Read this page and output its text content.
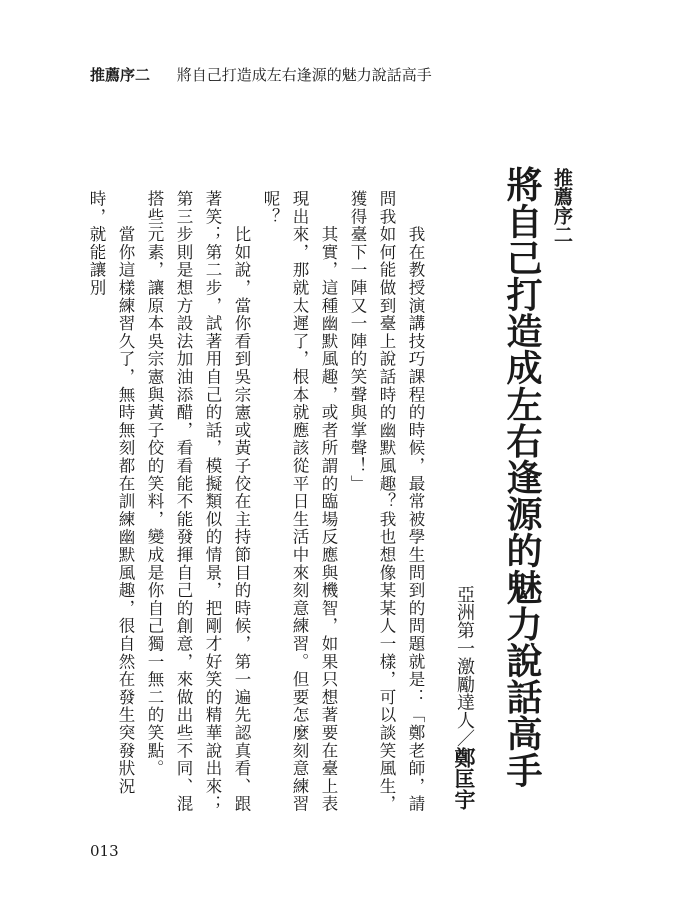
推薦序二 將自己打造成左右逢源的魅力說話高手
推薦序二
將自己打造成左右逢源的魅力說話高手
亞洲第一激勵達人／鄭匡宇

　　我在教授演講技巧課程的時候，最常被學生問到的問題就是：「鄭老師，請問我如何能做到臺上說話時的幽默風趣？我也想像某某人一樣，可以談笑風生，獲得臺下一陣又一陣的笑聲與掌聲！」

　　其實，這種幽默風趣，或者所謂的臨場反應與機智，如果只想著要在臺上表現出來，那就太遲了，根本就應該從平日生活中來刻意練習。但要怎麼刻意練習呢？

　　比如說，當你看到吳宗憲或黃子佼在主持節目的時候，第一遍先認真看、跟著笑；第二步，試著用自己的話，模擬類似的情景，把剛才好笑的精華說出來；第三步則是想方設法加油添醋，看看能不能發揮自己的創意，來做出些不同、混搭些元素，讓原本吳宗憲與黃子佼的笑料，變成是你自己獨一無二的笑點。

　　當你這樣練習久了，無時無刻都在訓練幽默風趣，很自然在發生突發狀況時，就能讓別

013
